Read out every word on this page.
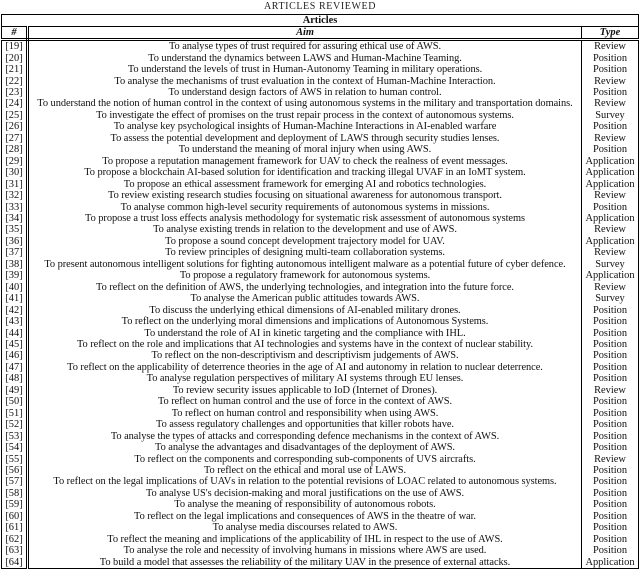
ARTICLES REVIEWED
Articles		
#	Aim	Type
[19]	To analyse types of trust required for assuring ethical use of AWS.	Review
[20]	To understand the dynamics between LAWS and Human-Machine Teaming.	Position
[21]	To understand the levels of trust in Human-Autonomy Teaming in military operations.	Position
[22]	To analyse the mechanisms of trust evaluation in the context of Human-Machine Interaction.	Review
[23]	To understand design factors of AWS in relation to human control.	Position
[24]	To understand the notion of human control in the context of using autonomous systems in the military and transportation domains.	Review
[25]	To investigate the effect of promises on the trust repair process in the context of autonomous systems.	Survey
[26]	To analyse key psychological insights of Human-Machine Interactions in AI-enabled warfare	Position
[27]	To assess the potential development and deployment of LAWS through security studies lenses.	Review
[28]	To understand the meaning of moral injury when using AWS.	Position
[29]	To propose a reputation management framework for UAV to check the realness of event messages.	Application
[30]	To propose a blockchain AI-based solution for identification and tracking illegal UVAF in an IoMT system.	Application
[31]	To propose an ethical assessment framework for emerging AI and robotics technologies.	Application
[32]	To review existing research studies focusing on situational awareness for autonomous transport.	Review
[33]	To analyse common high-level security requirements of autonomous systems in missions.	Position
[34]	To propose a trust loss effects analysis methodology for systematic risk assessment of autonomous systems	Application
[35]	To analyse existing trends in relation to the development and use of AWS.	Review
[36]	To propose a sound concept development trajectory model for UAV.	Application
[37]	To review principles of designing multi-team collaboration systems.	Review
[38]	To present autonomous intelligent solutions for fighting autonomous intelligent malware as a potential future of cyber defence.	Survey
[39]	To propose a regulatory framework for autonomous systems.	Application
[40]	To reflect on the definition of AWS, the underlying technologies, and integration into the future force.	Review
[41]	To analyse the American public attitudes towards AWS.	Survey
[42]	To discuss the underlying ethical dimensions of AI-enabled military drones.	Position
[43]	To reflect on the underlying moral dimensions and implications of Autonomous Systems.	Position
[44]	To understand the role of AI in kinetic targeting and the compliance with IHL.	Position
[45]	To reflect on the role and implications that AI technologies and systems have in the context of nuclear stability.	Position
[46]	To reflect on the non-descriptivism and descriptivism judgements of AWS.	Position
[47]	To reflect on the applicability of deterrence theories in the age of AI and autonomy in relation to nuclear deterrence.	Position
[48]	To analyse regulation perspectives of military AI systems through EU lenses.	Position
[49]	To review security issues applicable to IoD (Internet of Drones).	Review
[50]	To reflect on human control and the use of force in the context of AWS.	Position
[51]	To reflect on human control and responsibility when using AWS.	Position
[52]	To assess regulatory challenges and opportunities that killer robots have.	Position
[53]	To analyse the types of attacks and corresponding defence mechanisms in the context of AWS.	Position
[54]	To analyse the advantages and disadvantages of the deployment of AWS.	Position
[55]	To reflect on the components and corresponding sub-components of UVS aircrafts.	Review
[56]	To reflect on the ethical and moral use of LAWS.	Position
[57]	To reflect on the legal implications of UAVs in relation to the potential revisions of LOAC related to autonomous systems.	Position
[58]	To analyse US's decision-making and moral justifications on the use of AWS.	Position
[59]	To analyse the meaning of responsibility of autonomous robots.	Position
[60]	To reflect on the legal implications and consequences of AWS in the theatre of war.	Position
[61]	To analyse media discourses related to AWS.	Position
[62]	To reflect the meaning and implications of the applicability of IHL in respect to the use of AWS.	Position
[63]	To analyse the role and necessity of involving humans in missions where AWS are used.	Position
[64]	To build a model that assesses the reliability of the military UAV in the presence of external attacks.	Application
